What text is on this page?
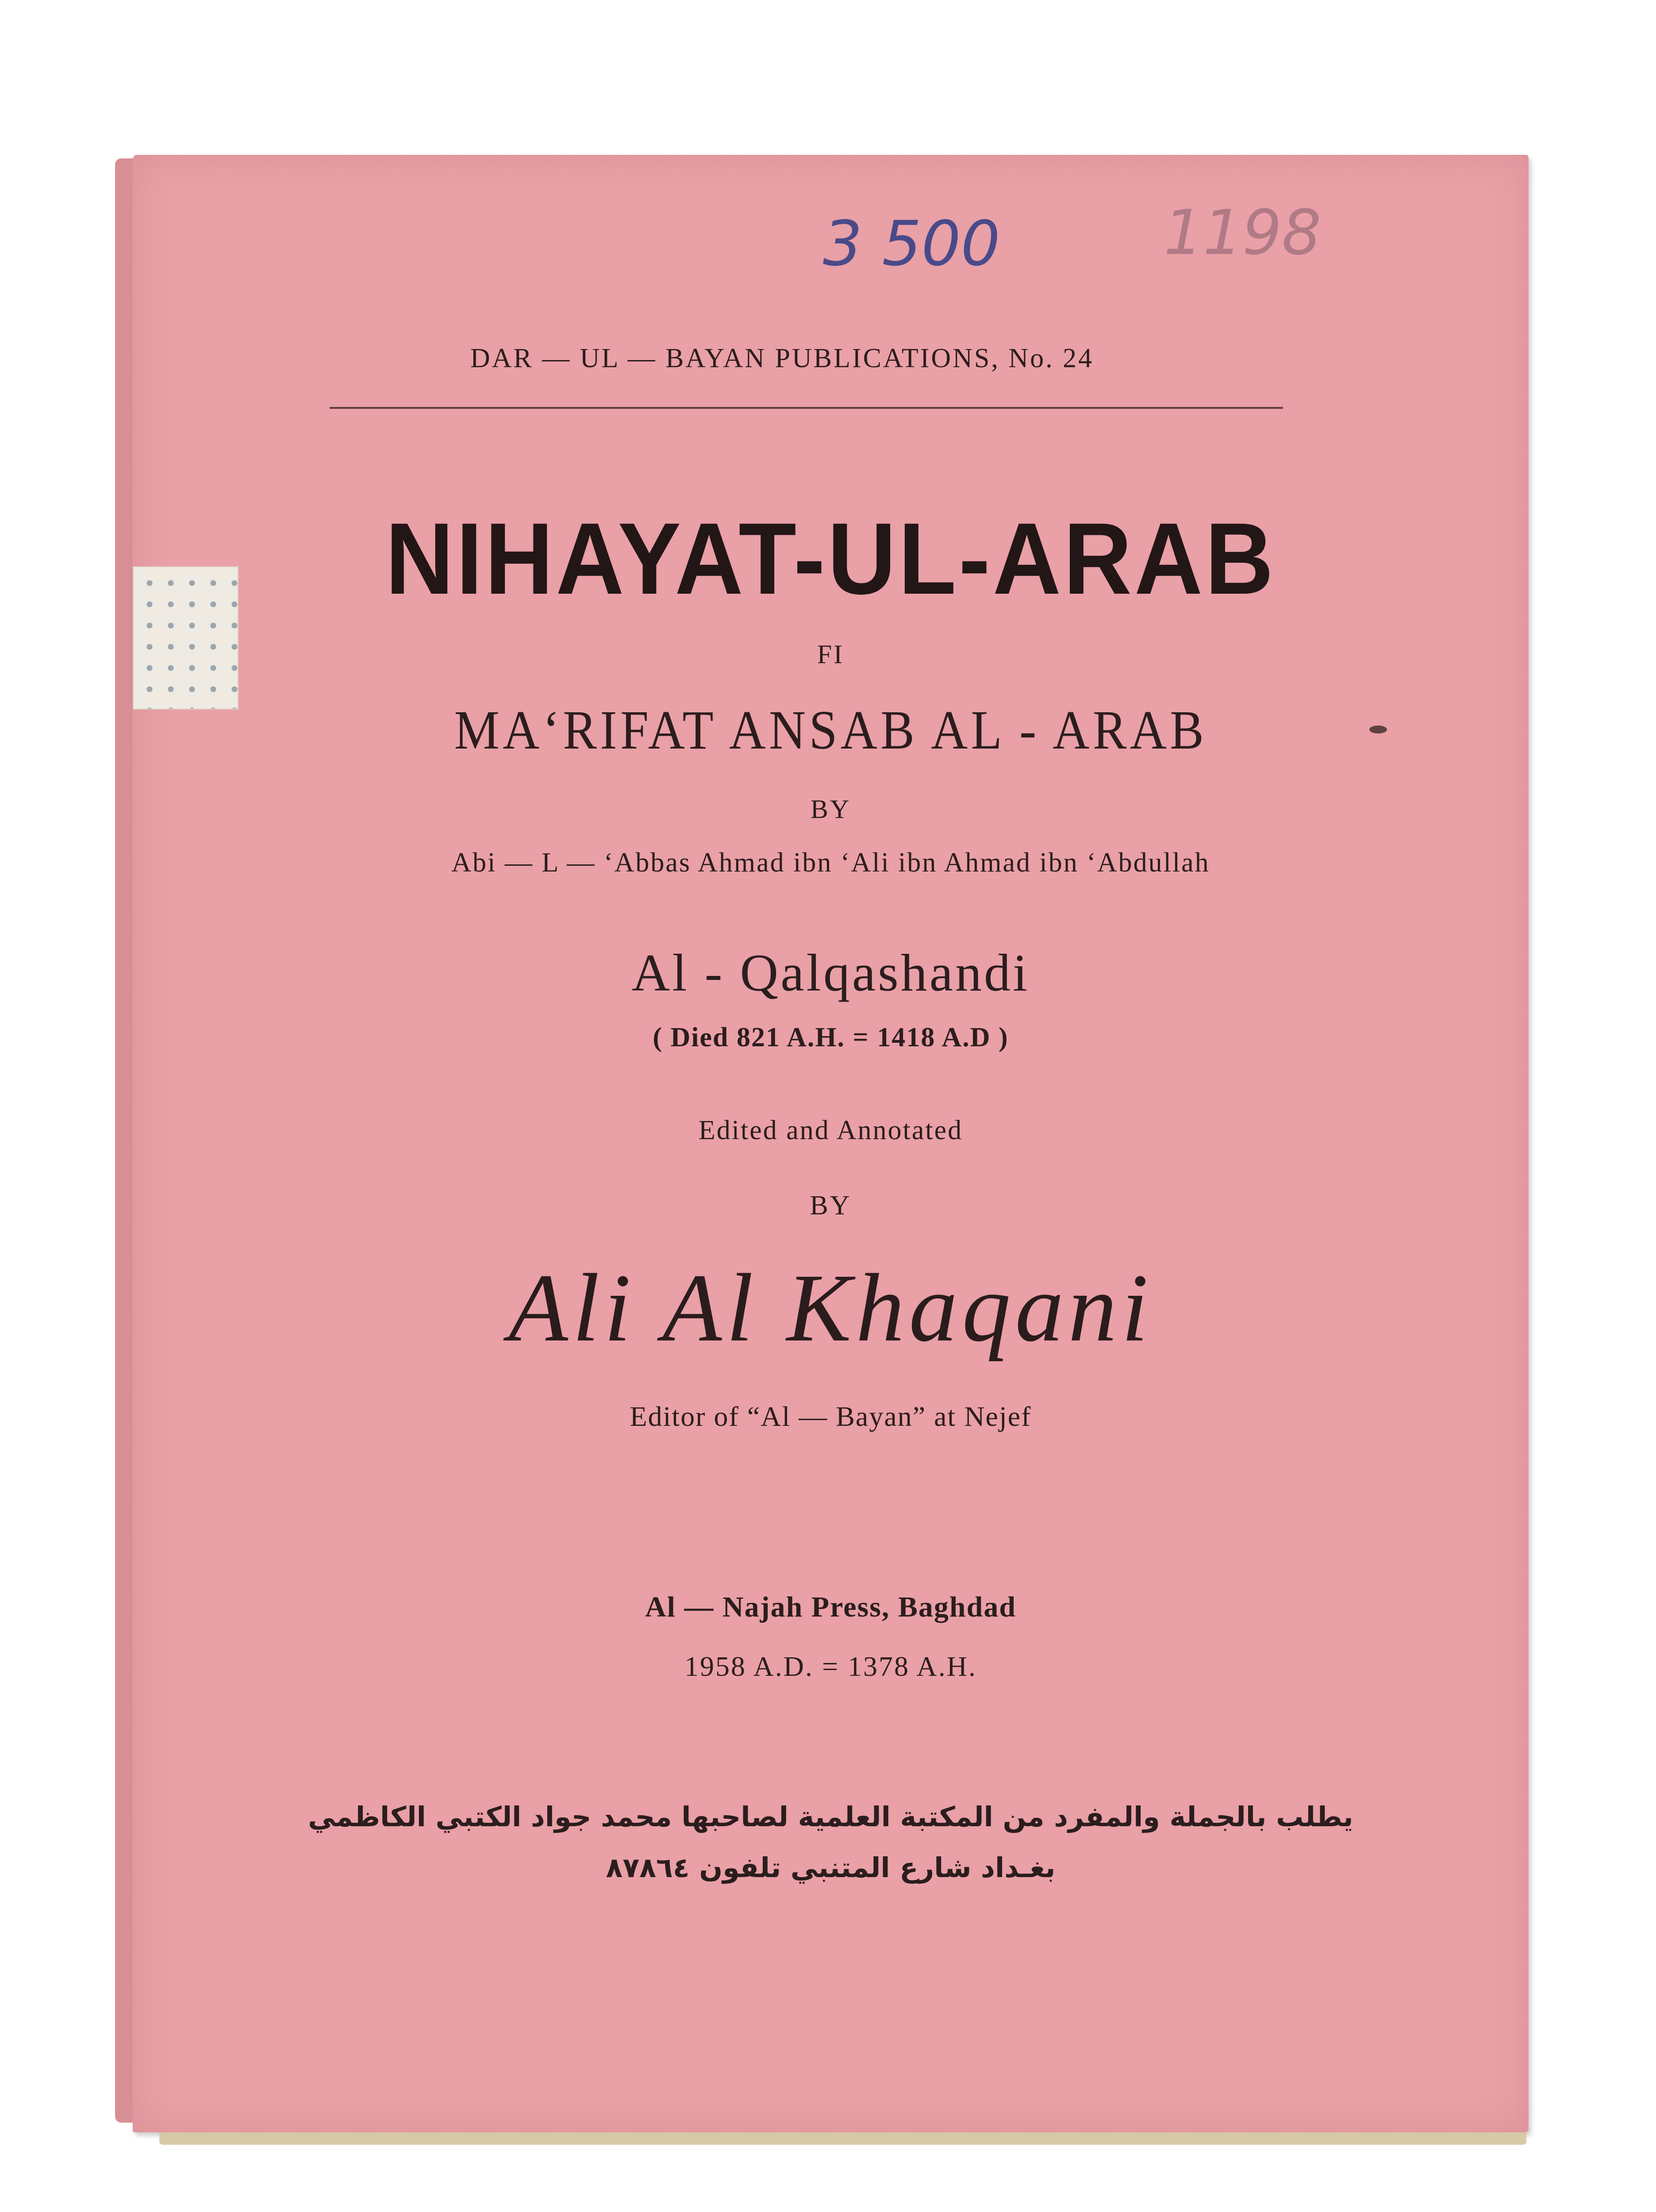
3 500	1198
DAR — UL — BAYAN PUBLICATIONS, No. 24
NIHAYAT-UL-ARAB
FI
MA‘RIFAT ANSAB AL - ARAB
BY
Abi — L — ‘Abbas Ahmad ibn ‘Ali ibn Ahmad ibn ‘Abdullah
Al - Qalqashandi
( Died 821 A.H. = 1418 A.D )
Edited and Annotated
BY
Ali Al Khaqani
Editor of “Al — Bayan” at Nejef
Al — Najah Press, Baghdad
1958 A.D. = 1378 A.H.
يطلب بالجملة والمفرد من المكتبة العلمية لصاحبها محمد جواد الكتبي الكاظمي
بغـداد شارع المتنبي تلفون ٨٧٨٦٤
